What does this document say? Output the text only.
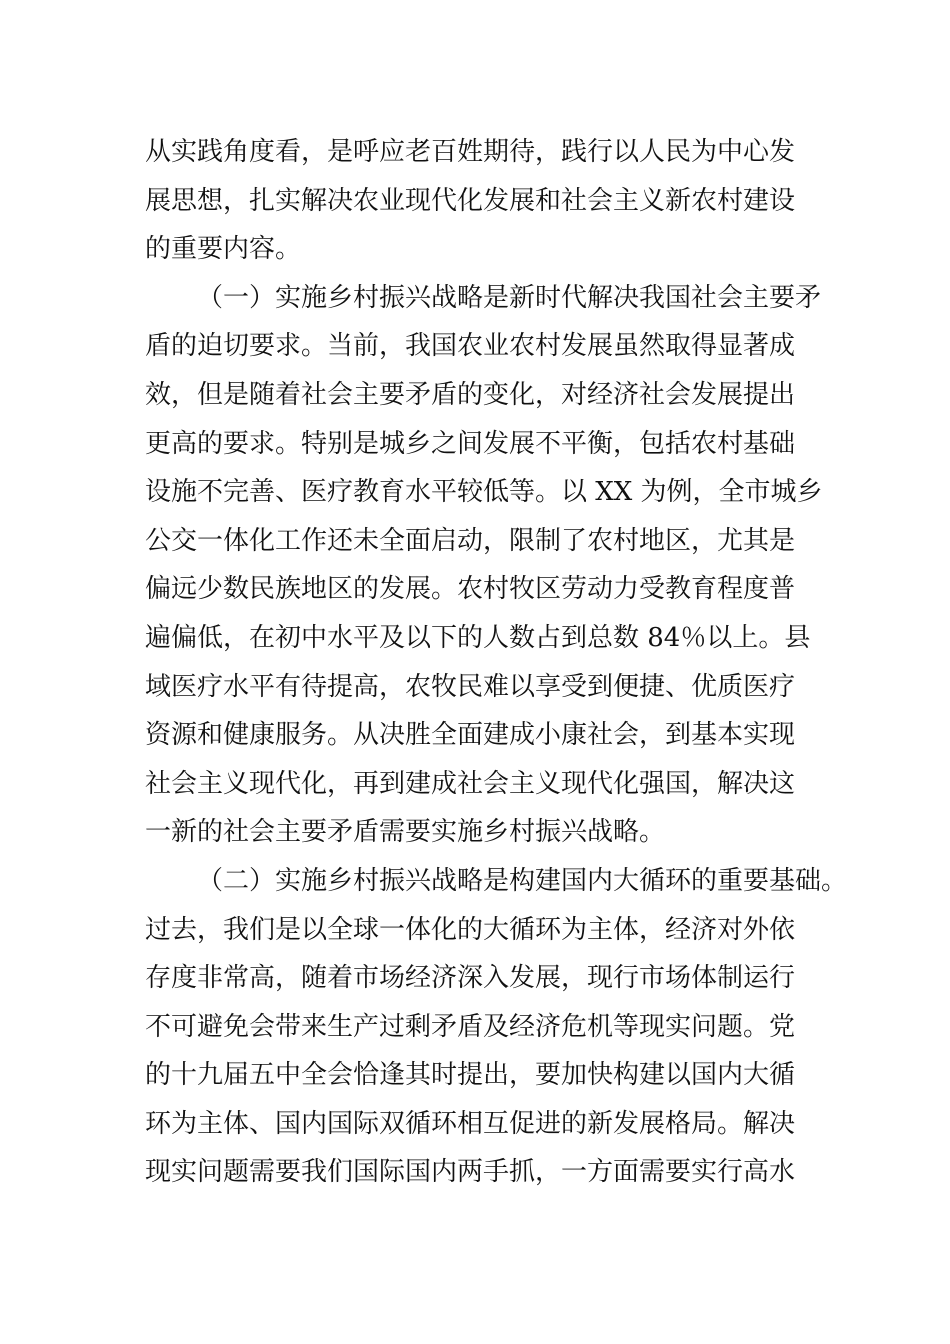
从实践角度看，是呼应老百姓期待，践行以人民为中心发
展思想，扎实解决农业现代化发展和社会主义新农村建设
的重要内容。
（一）实施乡村振兴战略是新时代解决我国社会主要矛
盾的迫切要求。当前，我国农业农村发展虽然取得显著成
效，但是随着社会主要矛盾的变化，对经济社会发展提出
更高的要求。特别是城乡之间发展不平衡，包括农村基础
设施不完善、医疗教育水平较低等。以 XX 为例，全市城乡
公交一体化工作还未全面启动，限制了农村地区，尤其是
偏远少数民族地区的发展。农村牧区劳动力受教育程度普
遍偏低，在初中水平及以下的人数占到总数 84％以上。县
域医疗水平有待提高，农牧民难以享受到便捷、优质医疗
资源和健康服务。从决胜全面建成小康社会，到基本实现
社会主义现代化，再到建成社会主义现代化强国，解决这
一新的社会主要矛盾需要实施乡村振兴战略。
（二）实施乡村振兴战略是构建国内大循环的重要基础。
过去，我们是以全球一体化的大循环为主体，经济对外依
存度非常高，随着市场经济深入发展，现行市场体制运行
不可避免会带来生产过剩矛盾及经济危机等现实问题。党
的十九届五中全会恰逢其时提出，要加快构建以国内大循
环为主体、国内国际双循环相互促进的新发展格局。解决
现实问题需要我们国际国内两手抓，一方面需要实行高水
